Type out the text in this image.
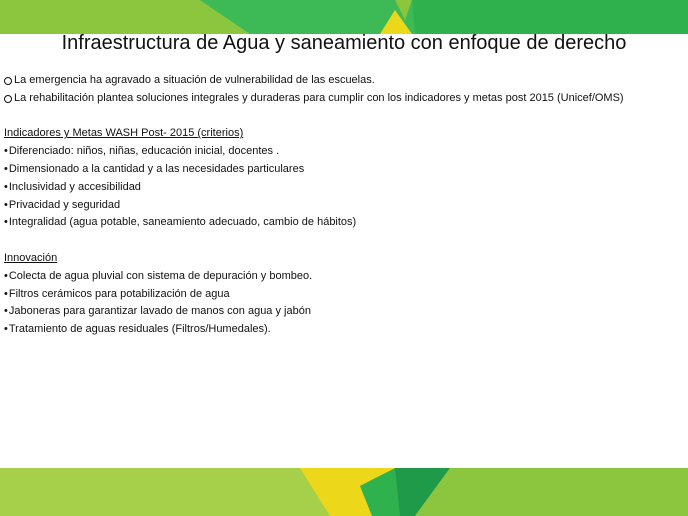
Infraestructura de Agua y saneamiento con enfoque de derecho
La emergencia ha agravado a situación de vulnerabilidad de las escuelas.
La rehabilitación plantea soluciones integrales y duraderas para cumplir con los indicadores y metas post 2015 (Unicef/OMS)
Indicadores y Metas WASH Post- 2015 (criterios)
• Diferenciado: niños, niñas, educación inicial, docentes .
• Dimensionado a la cantidad y a las necesidades particulares
• Inclusividad y accesibilidad
• Privacidad y seguridad
• Integralidad (agua potable, saneamiento adecuado, cambio de hábitos)
Innovación
• Colecta de agua pluvial con sistema de depuración y bombeo.
• Filtros cerámicos para potabilización de agua
• Jaboneras para garantizar lavado de manos con agua y jabón
• Tratamiento de aguas residuales (Filtros/Humedales).
